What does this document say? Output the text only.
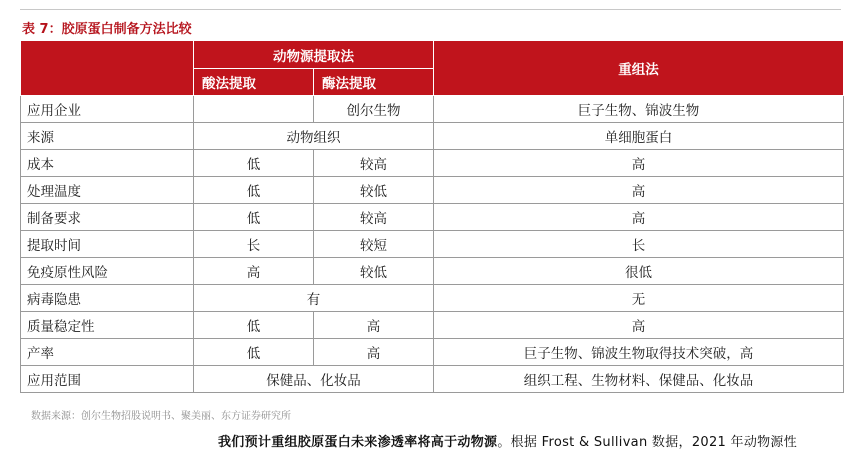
表 7：胶原蛋白制备方法比较
	动物源提取法		重组法
	酸法提取	酶法提取	
应用企业		创尔生物	巨子生物、锦波生物
来源	动物组织		单细胞蛋白
成本	低	较高	高
处理温度	低	较低	高
制备要求	低	较高	高
提取时间	长	较短	长
免疫原性风险	高	较低	很低
病毒隐患	有		无
质量稳定性	低	高	高
产率	低	高	巨子生物、锦波生物取得技术突破，高
应用范围	保健品、化妆品		组织工程、生物材料、保健品、化妆品
数据来源：创尔生物招股说明书、聚美丽、东方证券研究所
我们预计重组胶原蛋白未来渗透率将高于动物源。根据 Frost & Sullivan 数据，2021 年动物源性
